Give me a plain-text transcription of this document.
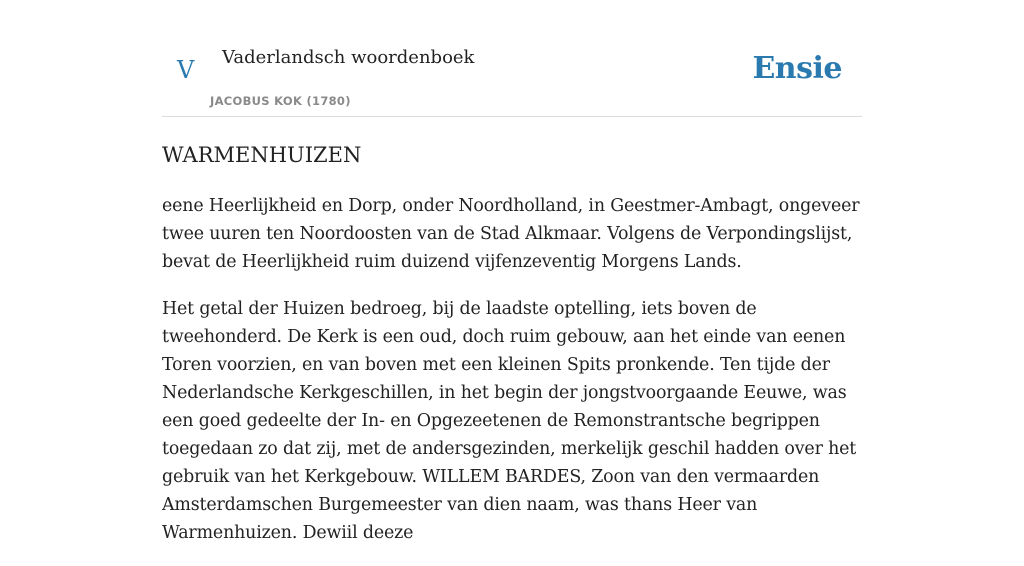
V Vaderlandsch woordenboek
JACOBUS KOK (1780)
Ensie
WARMENHUIZEN

eene Heerlijkheid en Dorp, onder Noordholland, in Geestmer-Ambagt, ongeveer twee uuren ten Noordoosten van de Stad Alkmaar. Volgens de Verpondingslijst, bevat de Heerlijkheid ruim duizend vijfenzeventig Morgens Lands.

Het getal der Huizen bedroeg, bij de laadste optelling, iets boven de tweehonderd. De Kerk is een oud, doch ruim gebouw, aan het einde van eenen Toren voorzien, en van boven met een kleinen Spits pronkende. Ten tijde der Nederlandsche Kerkgeschillen, in het begin der jongstvoorgaande Eeuwe, was een goed gedeelte der In- en Opgezeetenen de Remonstrantsche begrippen toegedaan zo dat zij, met de andersgezinden, merkelijk geschil hadden over het gebruik van het Kerkgebouw. WILLEM BARDES, Zoon van den vermaarden Amsterdamschen Burgemeester van dien naam, was thans Heer van Warmenhuizen. Dewiil deeze
